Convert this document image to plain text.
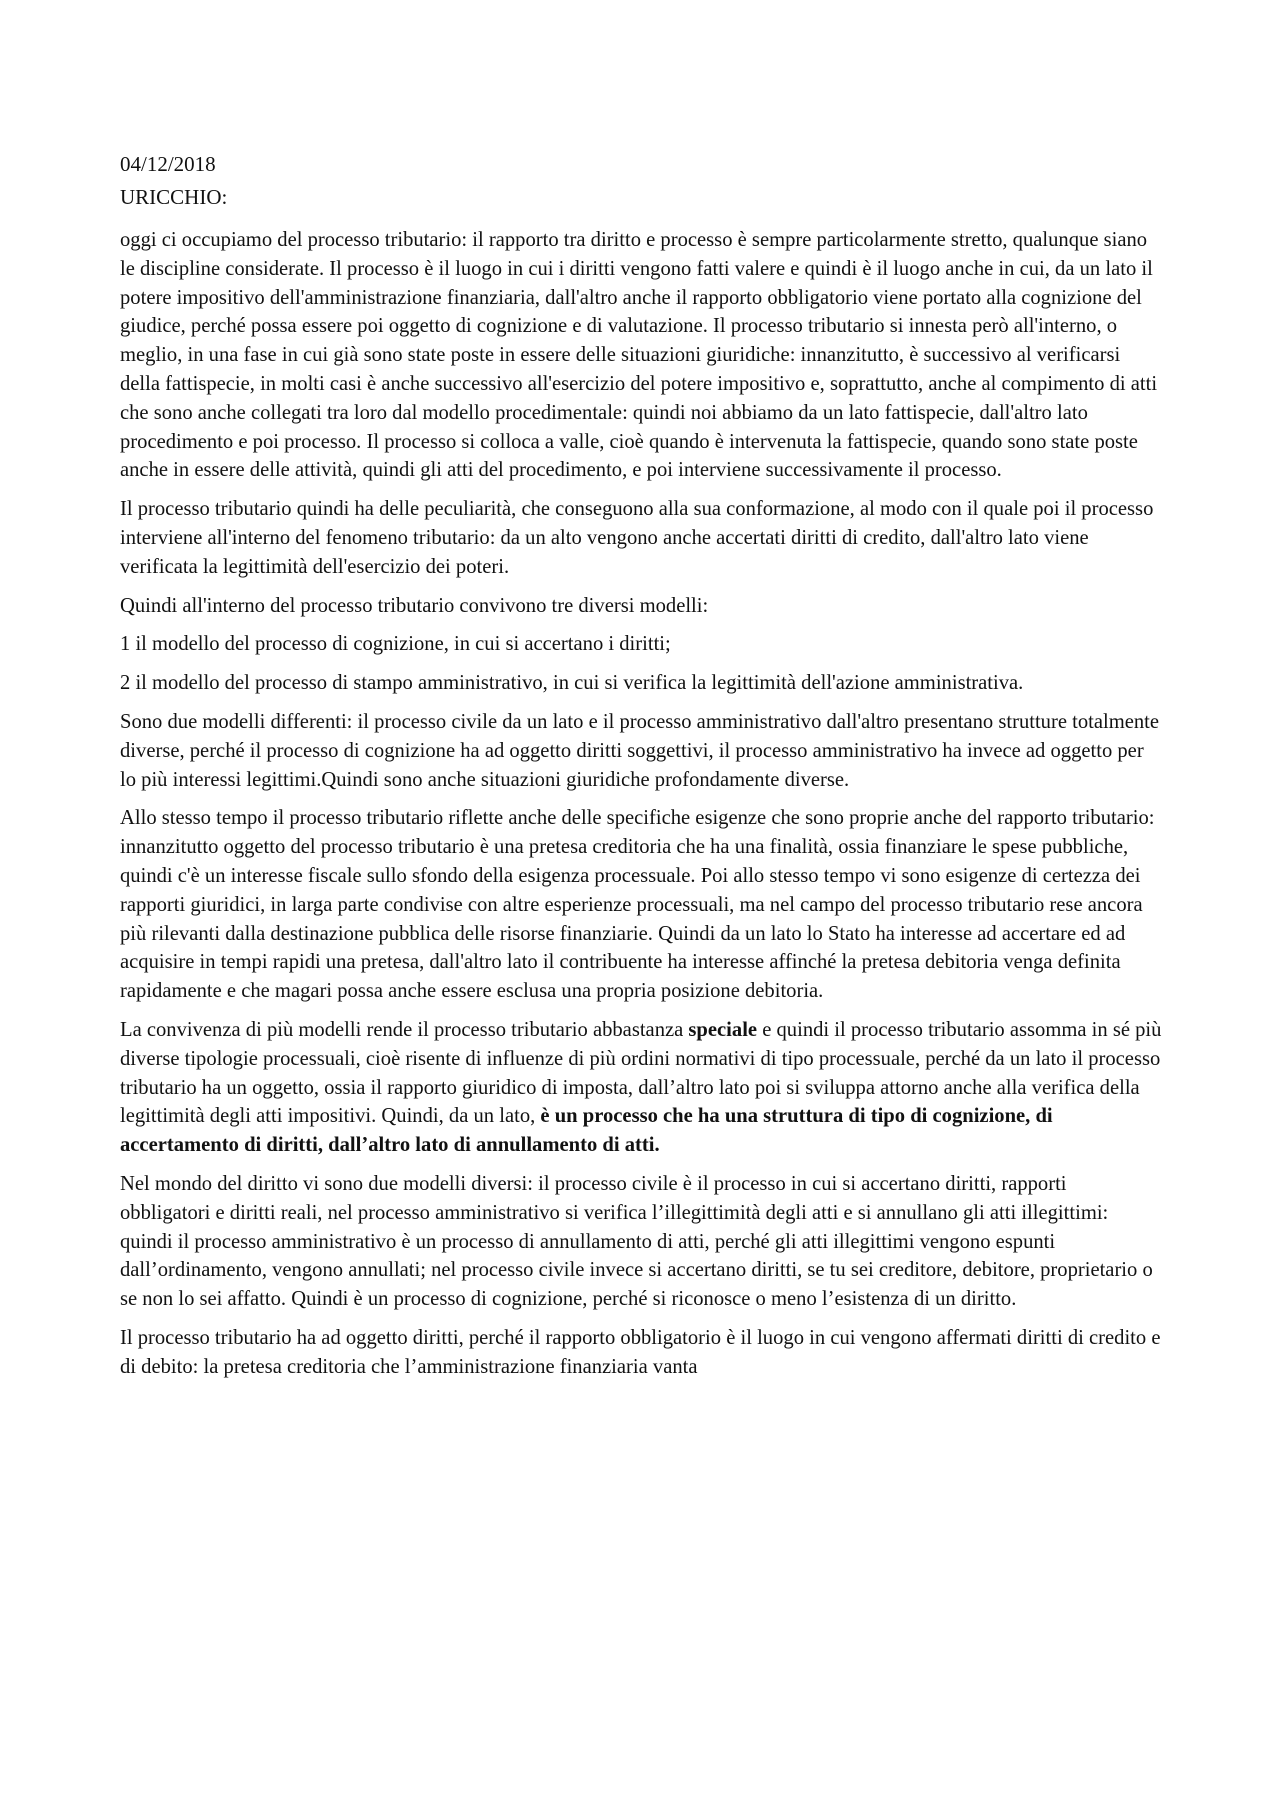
04/12/2018

URICCHIO:

oggi ci occupiamo del processo tributario: il rapporto tra diritto e processo è sempre particolarmente stretto, qualunque siano le discipline considerate. Il processo è il luogo in cui i diritti vengono fatti valere e quindi è il luogo anche in cui, da un lato il potere impositivo dell'amministrazione finanziaria, dall'altro anche il rapporto obbligatorio viene portato alla cognizione del giudice, perché possa essere poi oggetto di cognizione e di valutazione. Il processo tributario si innesta però all'interno, o meglio, in una fase in cui già sono state poste in essere delle situazioni giuridiche: innanzitutto, è successivo al verificarsi della fattispecie, in molti casi è anche successivo all'esercizio del potere impositivo e, soprattutto, anche al compimento di atti che sono anche collegati tra loro dal modello procedimentale: quindi noi abbiamo da un lato fattispecie, dall'altro lato procedimento e poi processo. Il processo si colloca a valle, cioè quando è intervenuta la fattispecie, quando sono state poste anche in essere delle attività, quindi gli atti del procedimento, e poi interviene successivamente il processo.

Il processo tributario quindi ha delle peculiarità, che conseguono alla sua conformazione, al modo con il quale poi il processo interviene all'interno del fenomeno tributario: da un alto vengono anche accertati diritti di credito, dall'altro lato viene verificata la legittimità dell'esercizio dei poteri.

Quindi all'interno del processo tributario convivono tre diversi modelli:

1 il modello del processo di cognizione, in cui si accertano i diritti;

2 il modello del processo di stampo amministrativo, in cui si verifica la legittimità dell'azione amministrativa.

Sono due modelli differenti: il processo civile da un lato e il processo amministrativo dall'altro presentano strutture totalmente diverse, perché il processo di cognizione ha ad oggetto diritti soggettivi, il processo amministrativo ha invece ad oggetto per lo più interessi legittimi.Quindi sono anche situazioni giuridiche profondamente diverse.

Allo stesso tempo il processo tributario riflette anche delle specifiche esigenze che sono proprie anche del rapporto tributario: innanzitutto oggetto del processo tributario è una pretesa creditoria che ha una finalità, ossia finanziare le spese pubbliche, quindi c'è un interesse fiscale sullo sfondo della esigenza processuale. Poi allo stesso tempo vi sono esigenze di certezza dei rapporti giuridici, in larga parte condivise con altre esperienze processuali, ma nel campo del processo tributario rese ancora più rilevanti dalla destinazione pubblica delle risorse finanziarie. Quindi da un lato lo Stato ha interesse ad accertare ed ad acquisire in tempi rapidi una pretesa, dall'altro lato il contribuente ha interesse affinché la pretesa debitoria venga definita rapidamente e che magari possa anche essere esclusa una propria posizione debitoria.

La convivenza di più modelli rende il processo tributario abbastanza speciale e quindi il processo tributario assomma in sé più diverse tipologie processuali, cioè risente di influenze di più ordini normativi di tipo processuale, perché da un lato il processo tributario ha un oggetto, ossia il rapporto giuridico di imposta, dall’altro lato poi si sviluppa attorno anche alla verifica della legittimità degli atti impositivi. Quindi, da un lato, è un processo che ha una struttura di tipo di cognizione, di accertamento di diritti, dall’altro lato di annullamento di atti.

Nel mondo del diritto vi sono due modelli diversi: il processo civile è il processo in cui si accertano diritti, rapporti obbligatori e diritti reali, nel processo amministrativo si verifica l’illegittimità degli atti e si annullano gli atti illegittimi: quindi il processo amministrativo è un processo di annullamento di atti, perché gli atti illegittimi vengono espunti dall’ordinamento, vengono annullati; nel processo civile invece si accertano diritti, se tu sei creditore, debitore, proprietario o se non lo sei affatto. Quindi è un processo di cognizione, perché si riconosce o meno l’esistenza di un diritto.

Il processo tributario ha ad oggetto diritti, perché il rapporto obbligatorio è il luogo in cui vengono affermati diritti di credito e di debito: la pretesa creditoria che l’amministrazione finanziaria vanta
